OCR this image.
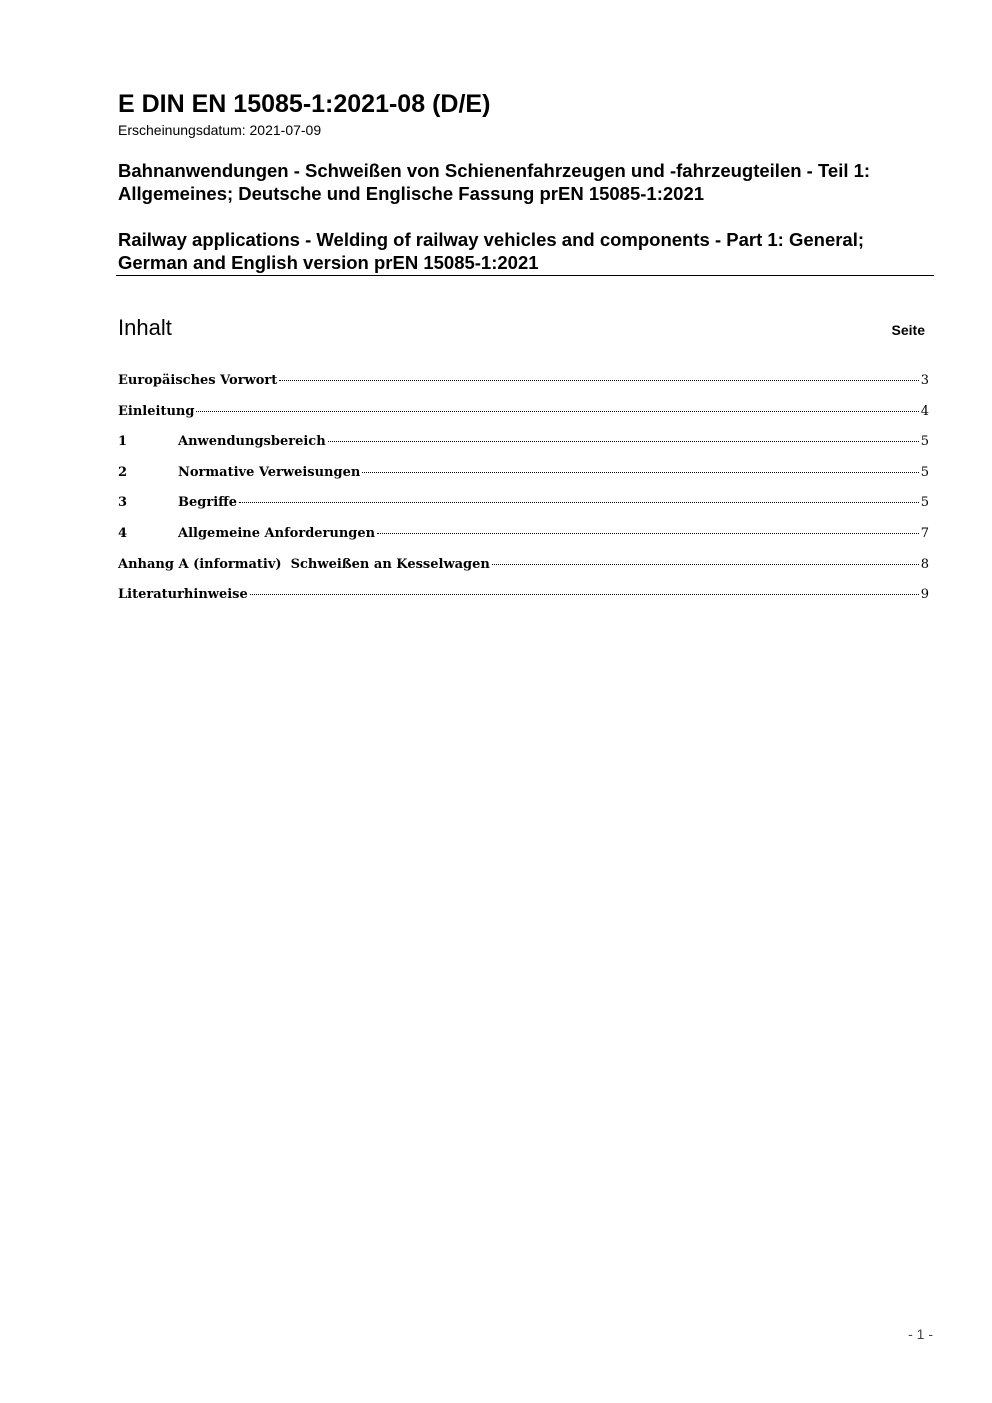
E DIN EN 15085-1:2021-08 (D/E)
Erscheinungsdatum: 2021-07-09
Bahnanwendungen - Schweißen von Schienenfahrzeugen und -fahrzeugteilen - Teil 1: Allgemeines; Deutsche und Englische Fassung prEN 15085-1:2021
Railway applications - Welding of railway vehicles and components - Part 1: General; German and English version prEN 15085-1:2021
Inhalt	Seite
Europäisches Vorwort	3
Einleitung	4
1	Anwendungsbereich	5
2	Normative Verweisungen	5
3	Begriffe	5
4	Allgemeine Anforderungen	7
Anhang A (informativ)  Schweißen an Kesselwagen	8
Literaturhinweise	9
- 1 -
